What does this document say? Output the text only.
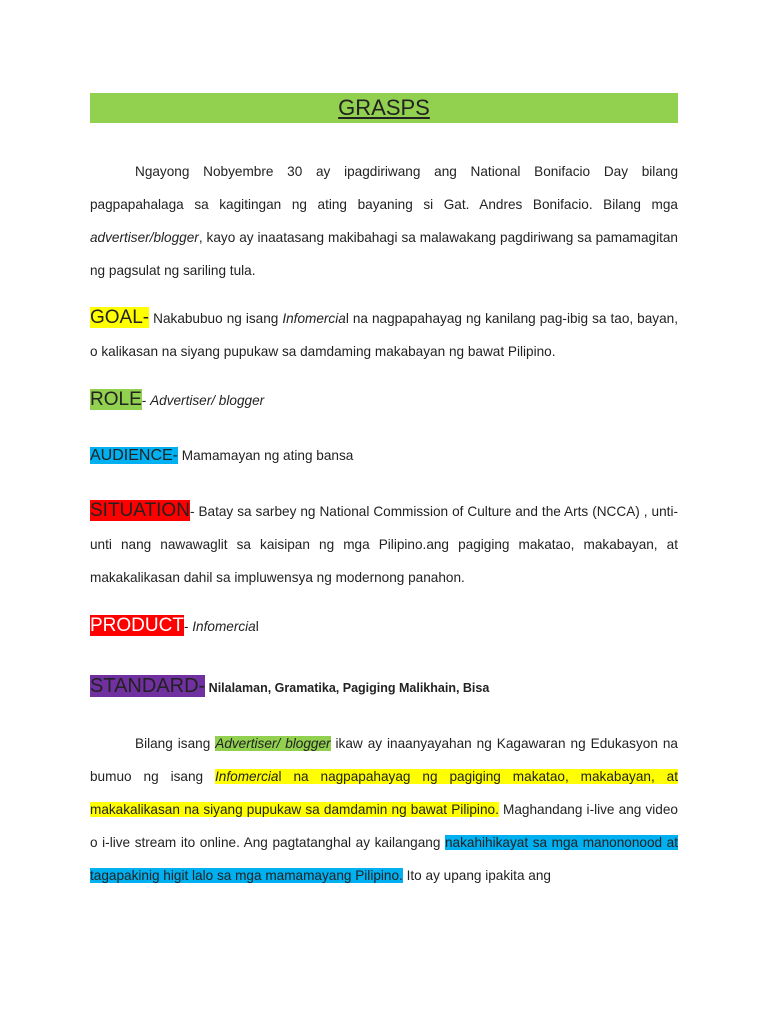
GRASPS
Ngayong Nobyembre 30 ay ipagdiriwang ang National Bonifacio Day bilang pagpapahalaga sa kagitingan ng ating bayaning si Gat. Andres Bonifacio. Bilang mga advertiser/blogger, kayo ay inaatasang makibahagi sa malawakang pagdiriwang sa pamamagitan ng pagsulat ng sariling tula.
GOAL- Nakabubuo ng isang Infomercial na nagpapahayag ng kanilang pag-ibig sa tao, bayan, o kalikasan na siyang pupukaw sa damdaming makabayan ng bawat Pilipino.
ROLE- Advertiser/ blogger
AUDIENCE- Mamamayan ng ating bansa
SITUATION- Batay sa sarbey ng National Commission of Culture and the Arts (NCCA) , unti-unti nang nawawaglit sa kaisipan ng mga Pilipino.ang pagiging makatao, makabayan, at makakalikasan dahil sa impluwensya ng modernong panahon.
PRODUCT- Infomercial
STANDARD- Nilalaman, Gramatika, Pagiging Malikhain, Bisa
Bilang isang Advertiser/ blogger ikaw ay inaanyayahan ng Kagawaran ng Edukasyon na bumuo ng isang Infomercial na nagpapahayag ng pagiging makatao, makabayan, at makakalikasan na siyang pupukaw sa damdamin ng bawat Pilipino. Maghandang i-live ang video o i-live stream ito online. Ang pagtatanghal ay kailangang nakahihikayat sa mga manononood at tagapakinig higit lalo sa mga mamamayang Pilipino. Ito ay upang ipakita ang
